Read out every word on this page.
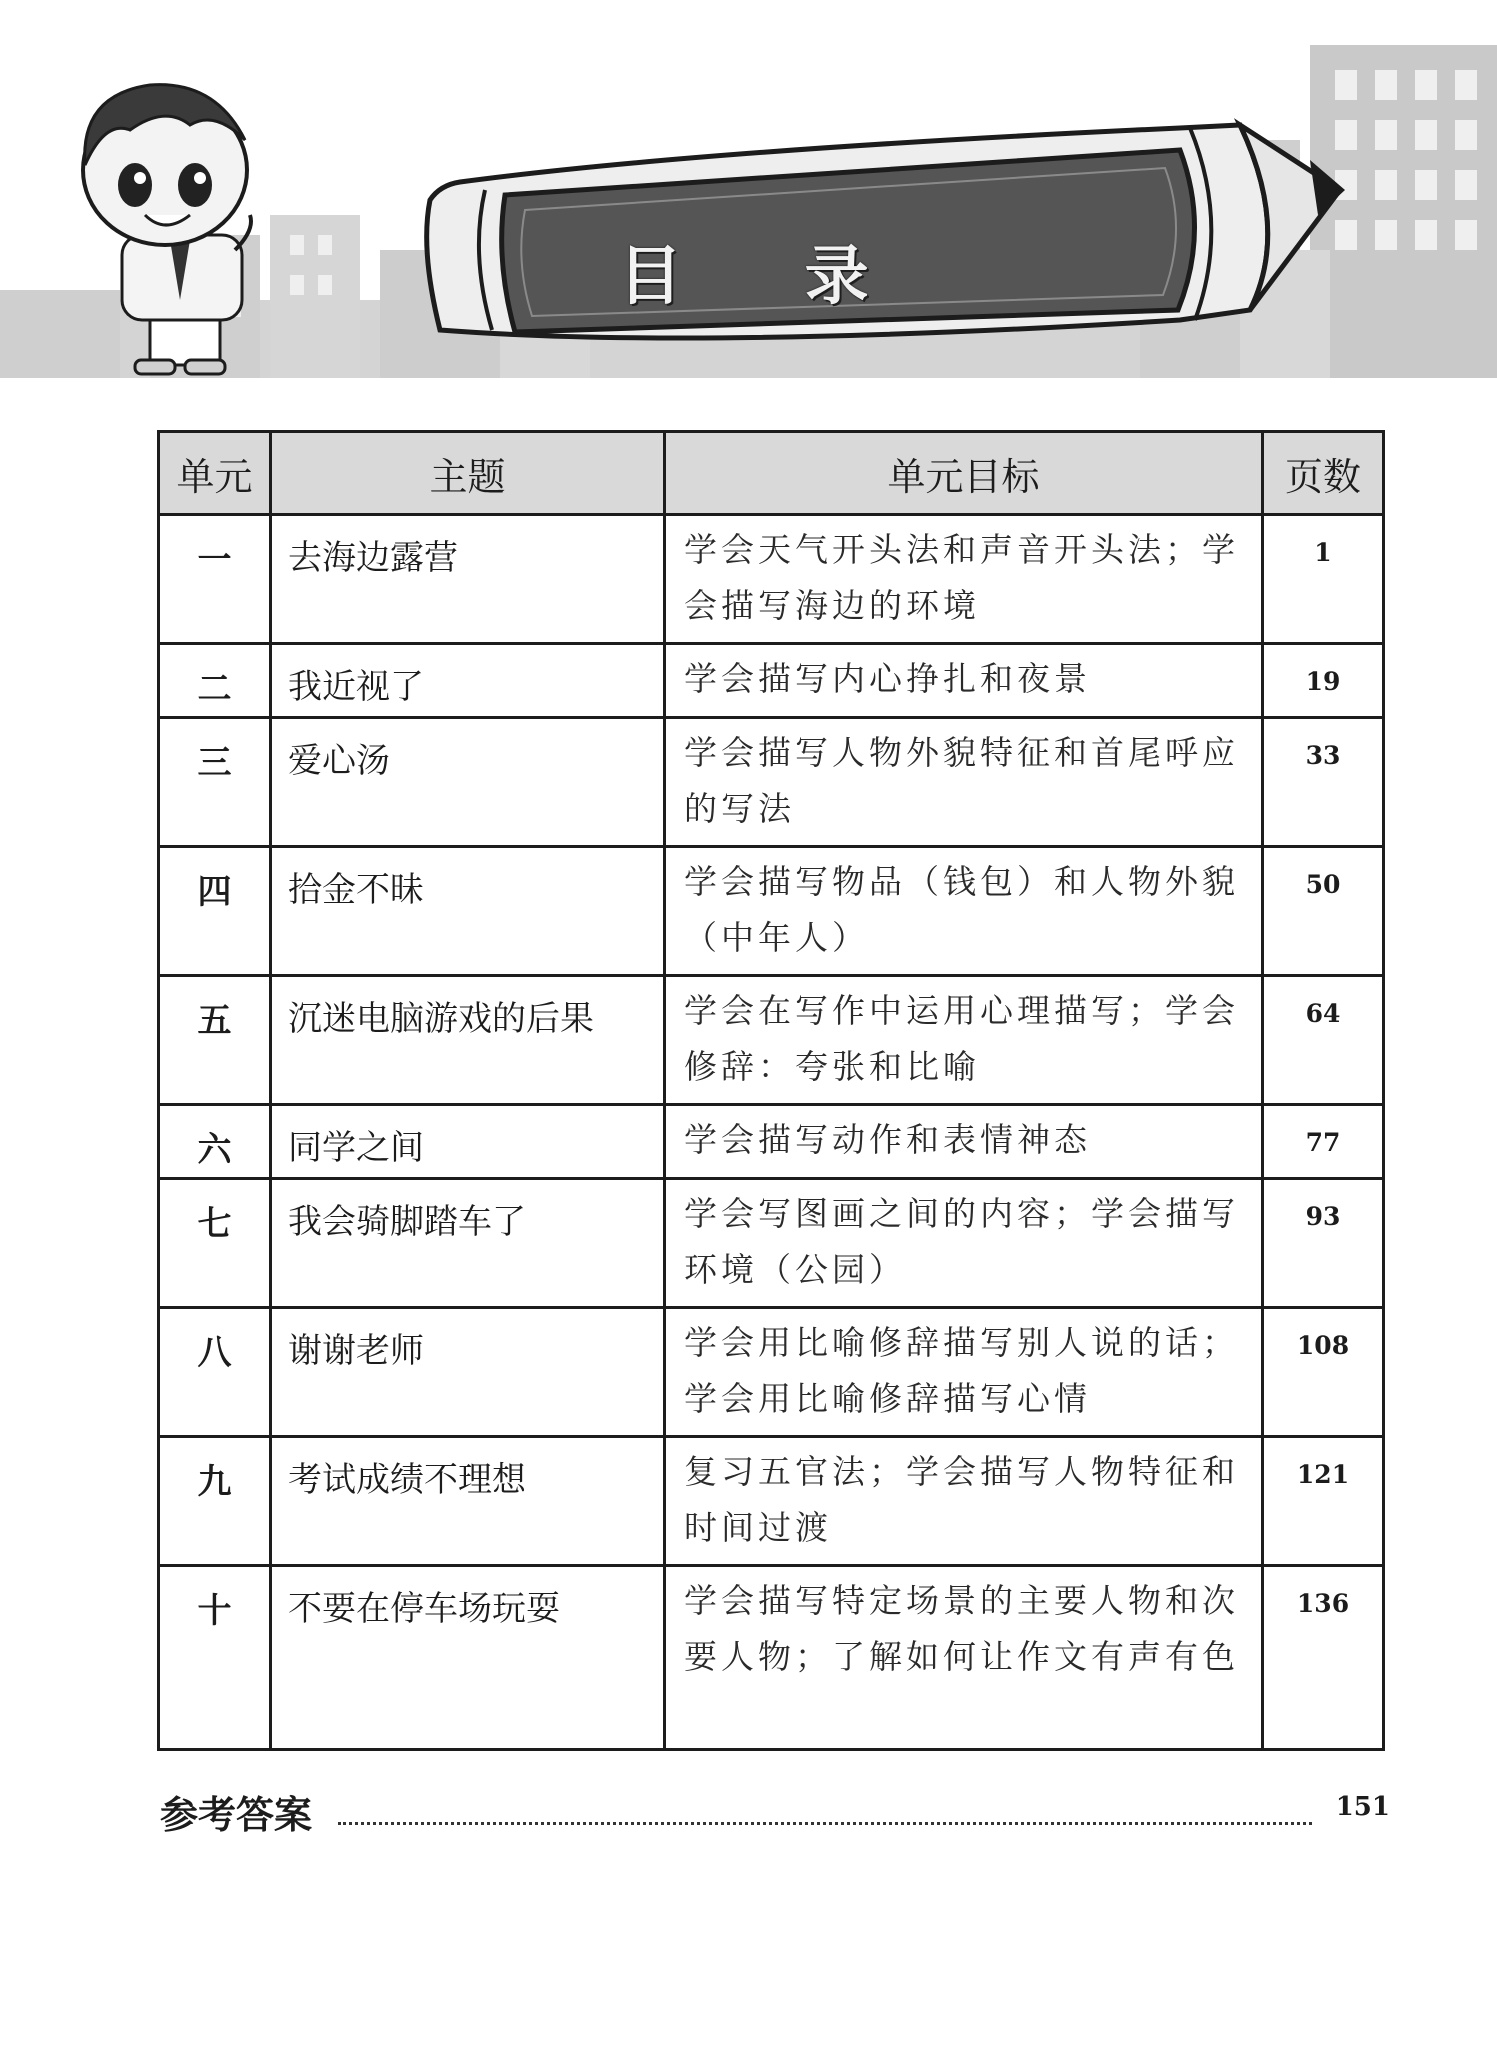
目 录
单元	主题	单元目标	页数
一	去海边露营	学会天气开头法和声音开头法；学会描写海边的环境	1
二	我近视了	学会描写内心挣扎和夜景	19
三	爱心汤	学会描写人物外貌特征和首尾呼应的写法	33
四	拾金不昧	学会描写物品（钱包）和人物外貌（中年人）	50
五	沉迷电脑游戏的后果	学会在写作中运用心理描写；学会修辞：夸张和比喻	64
六	同学之间	学会描写动作和表情神态	77
七	我会骑脚踏车了	学会写图画之间的内容；学会描写环境（公园）	93
八	谢谢老师	学会用比喻修辞描写别人说的话；学会用比喻修辞描写心情	108
九	考试成绩不理想	复习五官法；学会描写人物特征和时间过渡	121
十	不要在停车场玩耍	学会描写特定场景的主要人物和次要人物；了解如何让作文有声有色	136
参考答案	151
